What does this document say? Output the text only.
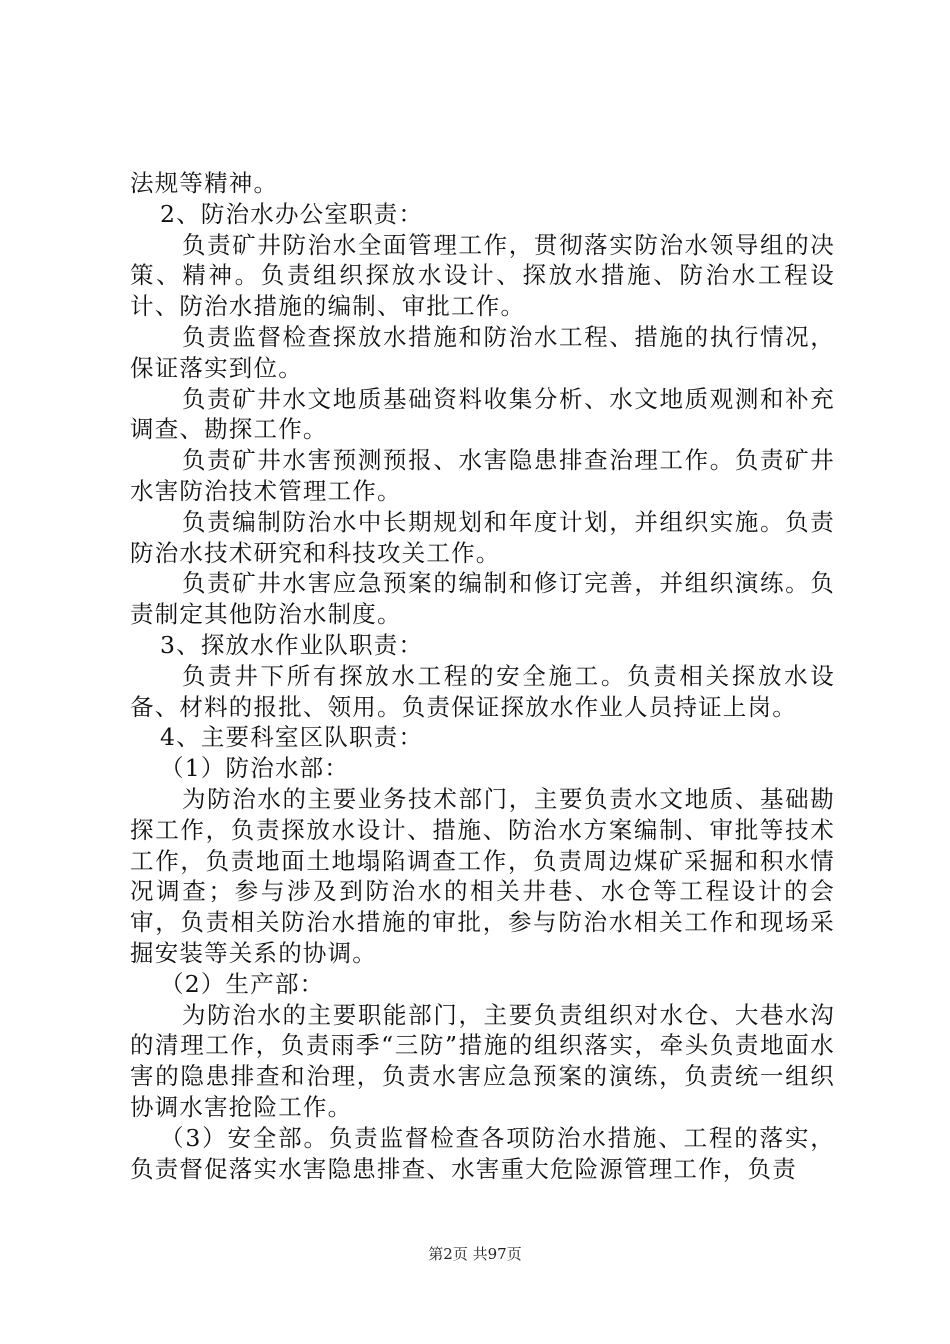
法规等精神。

2、防治水办公室职责：

负责矿井防治水全面管理工作，贯彻落实防治水领导组的决策、精神。负责组织探放水设计、探放水措施、防治水工程设计、防治水措施的编制、审批工作。

负责监督检查探放水措施和防治水工程、措施的执行情况，保证落实到位。

负责矿井水文地质基础资料收集分析、水文地质观测和补充调查、勘探工作。

负责矿井水害预测预报、水害隐患排查治理工作。负责矿井水害防治技术管理工作。

负责编制防治水中长期规划和年度计划，并组织实施。负责防治水技术研究和科技攻关工作。

负责矿井水害应急预案的编制和修订完善，并组织演练。负责制定其他防治水制度。

3、探放水作业队职责：

负责井下所有探放水工程的安全施工。负责相关探放水设备、材料的报批、领用。负责保证探放水作业人员持证上岗。

4、主要科室区队职责：

（1）防治水部：

为防治水的主要业务技术部门，主要负责水文地质、基础勘探工作，负责探放水设计、措施、防治水方案编制、审批等技术工作，负责地面土地塌陷调查工作，负责周边煤矿采掘和积水情况调查；参与涉及到防治水的相关井巷、水仓等工程设计的会审，负责相关防治水措施的审批，参与防治水相关工作和现场采掘安装等关系的协调。

（2）生产部：

为防治水的主要职能部门，主要负责组织对水仓、大巷水沟的清理工作，负责雨季“三防”措施的组织落实，牵头负责地面水害的隐患排查和治理，负责水害应急预案的演练，负责统一组织协调水害抢险工作。

（3）安全部。负责监督检查各项防治水措施、工程的落实，负责督促落实水害隐患排查、水害重大危险源管理工作，负责

第2页 共97页
